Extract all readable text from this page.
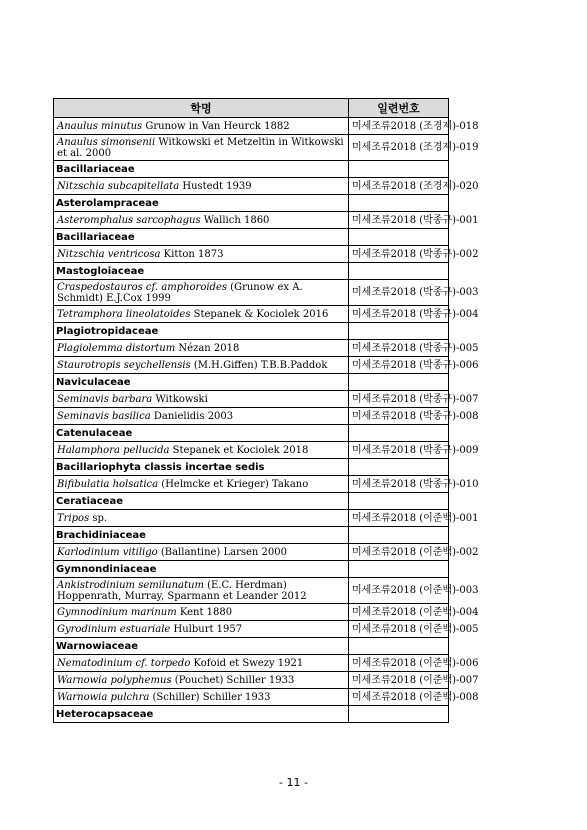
학명	일련번호
Anaulus minutus Grunow in Van Heurck 1882	미세조류2018 (조경제)-018
Anaulus simonsenii Witkowski et Metzeltin in Witkowski et al. 2000	미세조류2018 (조경제)-019
Bacillariaceae	
Nitzschia subcapitellata Hustedt 1939	미세조류2018 (조경제)-020
Asterolampraceae	
Asteromphalus sarcophagus Wallich 1860	미세조류2018 (박종규)-001
Bacillariaceae	
Nitzschia ventricosa Kitton 1873	미세조류2018 (박종규)-002
Mastogloiaceae	
Craspedostauros cf. amphoroides (Grunow ex A. Schmidt) E.J.Cox 1999	미세조류2018 (박종규)-003
Tetramphora lineolatoides Stepanek & Kociolek 2016	미세조류2018 (박종규)-004
Plagiotropidaceae	
Plagiolemma distortum Nézan 2018	미세조류2018 (박종규)-005
Staurotropis seychellensis (M.H.Giffen) T.B.B.Paddok	미세조류2018 (박종규)-006
Naviculaceae	
Seminavis barbara Witkowski	미세조류2018 (박종규)-007
Seminavis basilica Danielidis 2003	미세조류2018 (박종규)-008
Catenulaceae	
Halamphora pellucida Stepanek et Kociolek 2018	미세조류2018 (박종규)-009
Bacillariophyta classis incertae sedis	
Bifibulatia holsatica (Helmcke et Krieger) Takano	미세조류2018 (박종규)-010
Ceratiaceae	
Tripos sp.	미세조류2018 (이준백)-001
Brachidiniaceae	
Karlodinium vitiligo (Ballantine) Larsen 2000	미세조류2018 (이준백)-002
Gymnondiniaceae	
Ankistrodinium semilunatum (E.C. Herdman) Hoppenrath, Murray, Sparmann et Leander 2012	미세조류2018 (이준백)-003
Gymnodinium marinum Kent 1880	미세조류2018 (이준백)-004
Gyrodinium estuariale Hulburt 1957	미세조류2018 (이준백)-005
Warnowiaceae	
Nematodinium cf. torpedo Kofoid et Swezy 1921	미세조류2018 (이준백)-006
Warnowia polyphemus (Pouchet) Schiller 1933	미세조류2018 (이준백)-007
Warnowia pulchra (Schiller) Schiller 1933	미세조류2018 (이준백)-008
Heterocapsaceae	
- 11 -
